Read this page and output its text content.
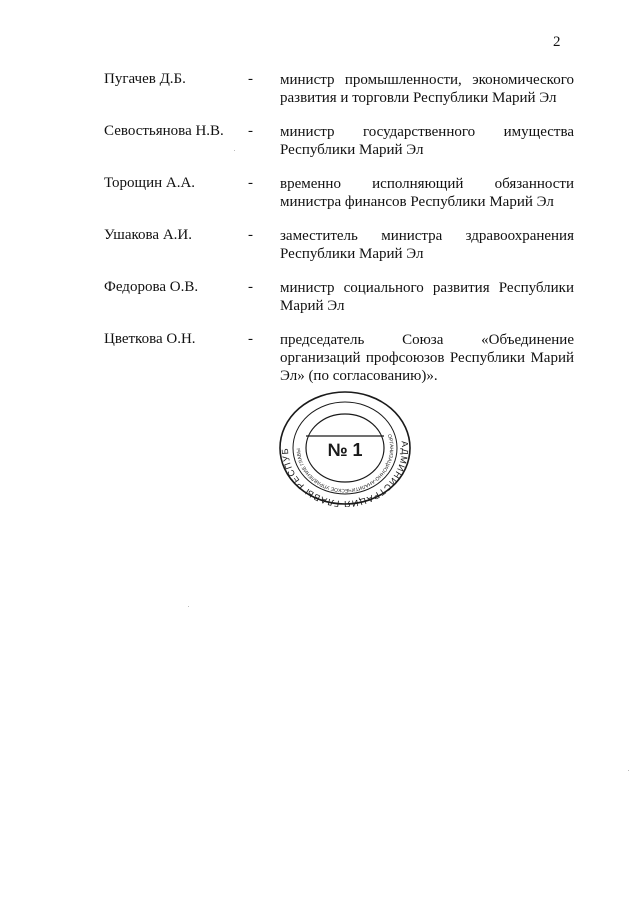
2
Пугачев Д.Б.	- министр промышленности, экономического развития и торговли Республики Марий Эл
Севостьянова Н.В. - министр государственного имущества Республики Марий Эл
Торощин А.А.	- временно исполняющий обязанности министра финансов Республики Марий Эл
Ушакова А.И.	- заместитель министра здравоохранения Республики Марий Эл
Федорова О.В.	- министр социального развития Республики Марий Эл
Цветкова О.Н.	- председатель Союза «Объединение организаций профсоюзов Республики Марий Эл» (по согласованию)».
АДМИНИСТРАЦИЯ ГЛАВЫ РЕСПУБ
ОРГАНИЗАЦИОННО-АНАЛИТИЧЕСКОЕ УПРАВЛЕНИЕ ГЛАВЫ	№ 1
